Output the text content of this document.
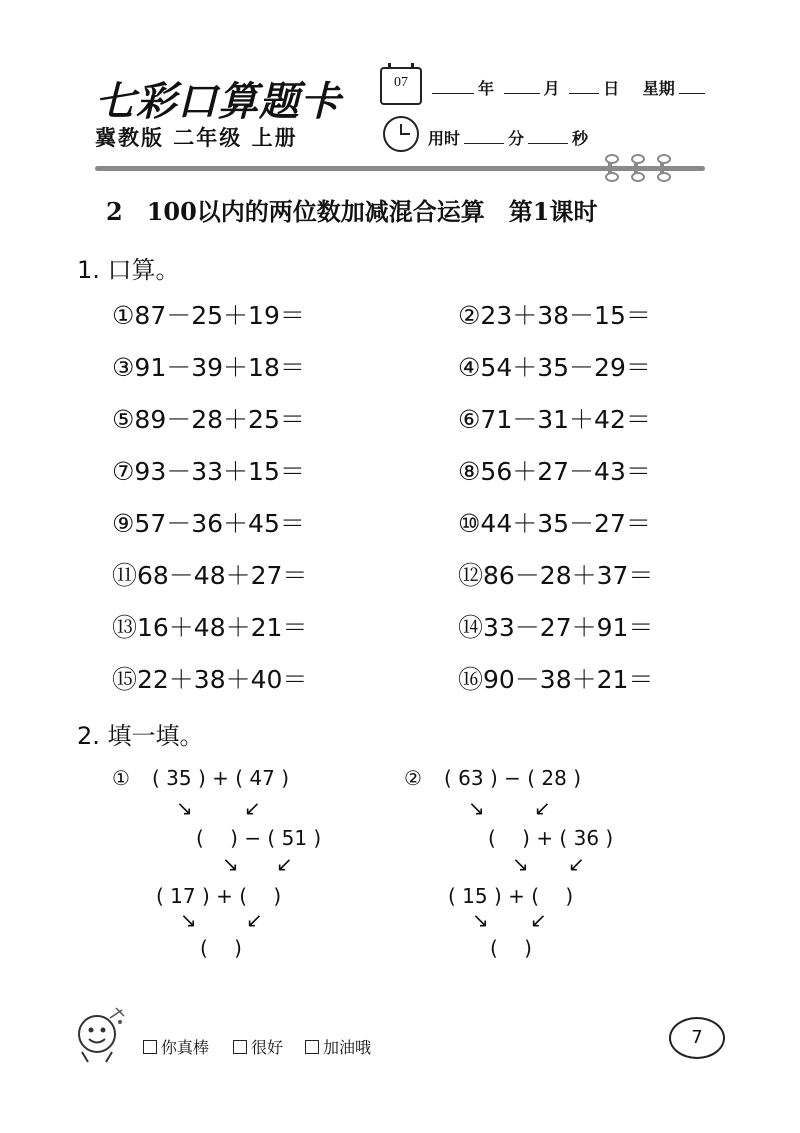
七彩口算题卡
冀教版 二年级 上册
07	年	月	日 星期
用时	分	秒
2　100以内的两位数加减混合运算　第1课时
1. 口算。
①87－25＋19＝	②23＋38－15＝
③91－39＋18＝	④54＋35－29＝
⑤89－28＋25＝	⑥71－31＋42＝
⑦93－33＋15＝	⑧56＋27－43＝
⑨57－36＋45＝	⑩44＋35－27＝
⑪68－48＋27＝	⑫86－28＋37＝
⑬16＋48＋21＝	⑭33－27＋91＝
⑮22＋38＋40＝	⑯90－38＋21＝
2. 填一填。
① ( 35 ) + ( 47 )
↘	↙
(　 ) − ( 51 )
↘ ↙
( 17 ) + (　 )
↘ ↙
(　 )
② ( 63 ) − ( 28 )
↘ ↙
(　 ) + ( 36 )
↘ ↙
( 15 ) + (　 )
↘ ↙
(　 )
你真棒	很好 加油哦	7
